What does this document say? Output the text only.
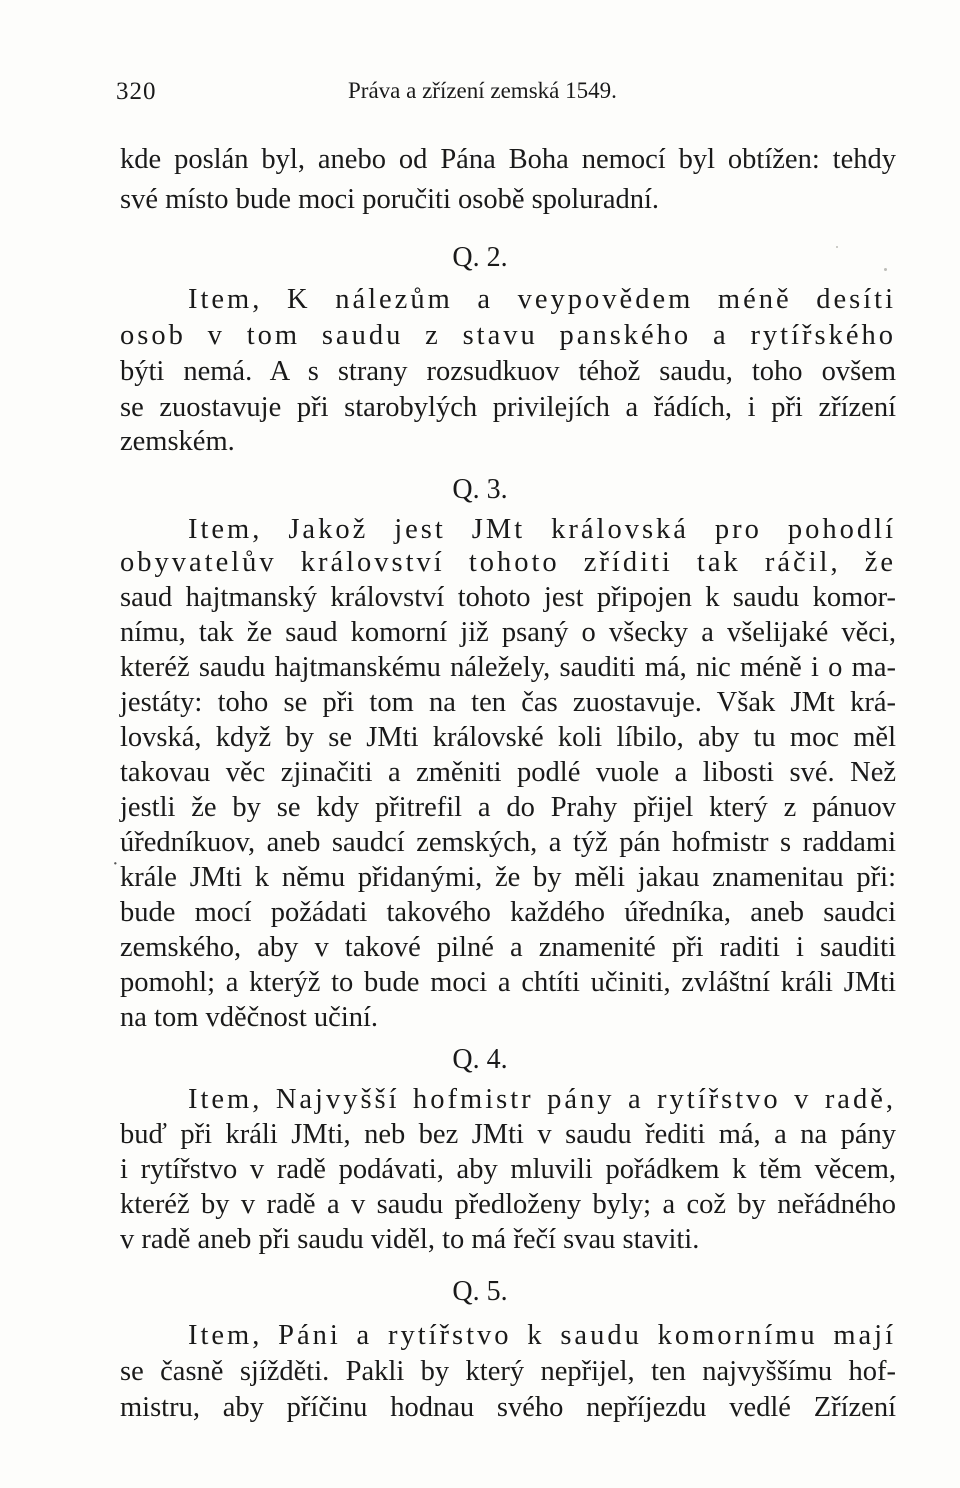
320	Práva a zřízení zemská 1549.
kde poslán byl, anebo od Pána Boha nemocí byl obtížen: tehdy
své místo bude moci poručiti osobě spoluradní.
Q. 2.
Item, K nálezům a veypovědem méně desíti
osob v tom saudu z stavu panského a rytířského
býti nemá. A s strany rozsudkuov téhož saudu, toho ovšem
se zuostavuje při starobylých privilejích a řádích, i při zřízení
zemském.
Q. 3.
Item, Jakož jest JMt královská pro pohodlí
obyvatelův království tohoto zříditi tak ráčil, že
saud hajtmanský království tohoto jest připojen k saudu komor-
nímu, tak že saud komorní již psaný o všecky a všelijaké věci,
kteréž saudu hajtmanskému náležely, sauditi má, nic méně i o ma-
jestáty: toho se při tom na ten čas zuostavuje. Však JMt krá-
lovská, když by se JMti královské koli líbilo, aby tu moc měl
takovau věc zjinačiti a změniti podlé vuole a libosti své. Než
jestli že by se kdy přitrefil a do Prahy přijel který z pánuov
úředníkuov, aneb saudcí zemských, a týž pán hofmistr s raddami
krále JMti k němu přidanými, že by měli jakau znamenitau při:
bude mocí požádati takového každého úředníka, aneb saudci
zemského, aby v takové pilné a znamenité při raditi i sauditi
pomohl; a kterýž to bude moci a chtíti učiniti, zvláštní králi JMti
na tom vděčnost učiní.
Q. 4.
Item, Najvyšší hofmistr pány a rytířstvo v radě,
buď při králi JMti, neb bez JMti v saudu řediti má, a na pány
i rytířstvo v radě podávati, aby mluvili pořádkem k těm věcem,
kteréž by v radě a v saudu předloženy byly; a což by neřádného
v radě aneb při saudu viděl, to má řečí svau staviti.
Q. 5.
Item, Páni a rytířstvo k saudu komornímu mají
se časně sjížděti. Pakli by který nepřijel, ten najvyššímu hof-
mistru, aby příčinu hodnau svého nepříjezdu vedlé Zřízení
·
